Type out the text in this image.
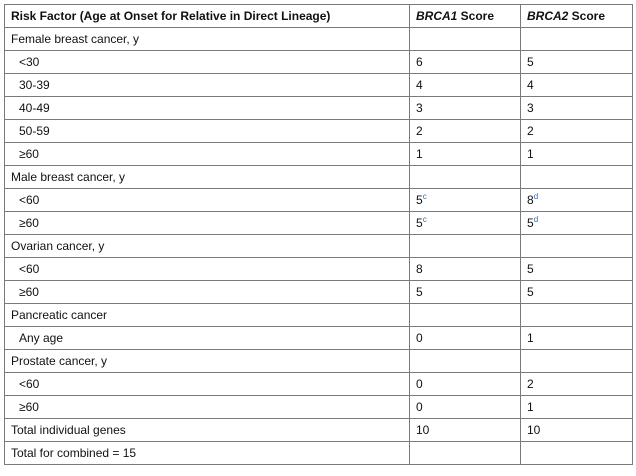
Risk Factor (Age at Onset for Relative in Direct Lineage)	BRCA1 Score	BRCA2 Score
Female breast cancer, y		
<30	6	5
30-39	4	4
40-49	3	3
50-59	2	2
≥60	1	1
Male breast cancer, y		
<60	5$^c$	8$^d$
≥60	5$^c$	5$^d$
Ovarian cancer, y		
<60	8	5
≥60	5	5
Pancreatic cancer		
Any age	0	1
Prostate cancer, y		
<60	0	2
≥60	0	1
Total individual genes	10	10
Total for combined = 15		
